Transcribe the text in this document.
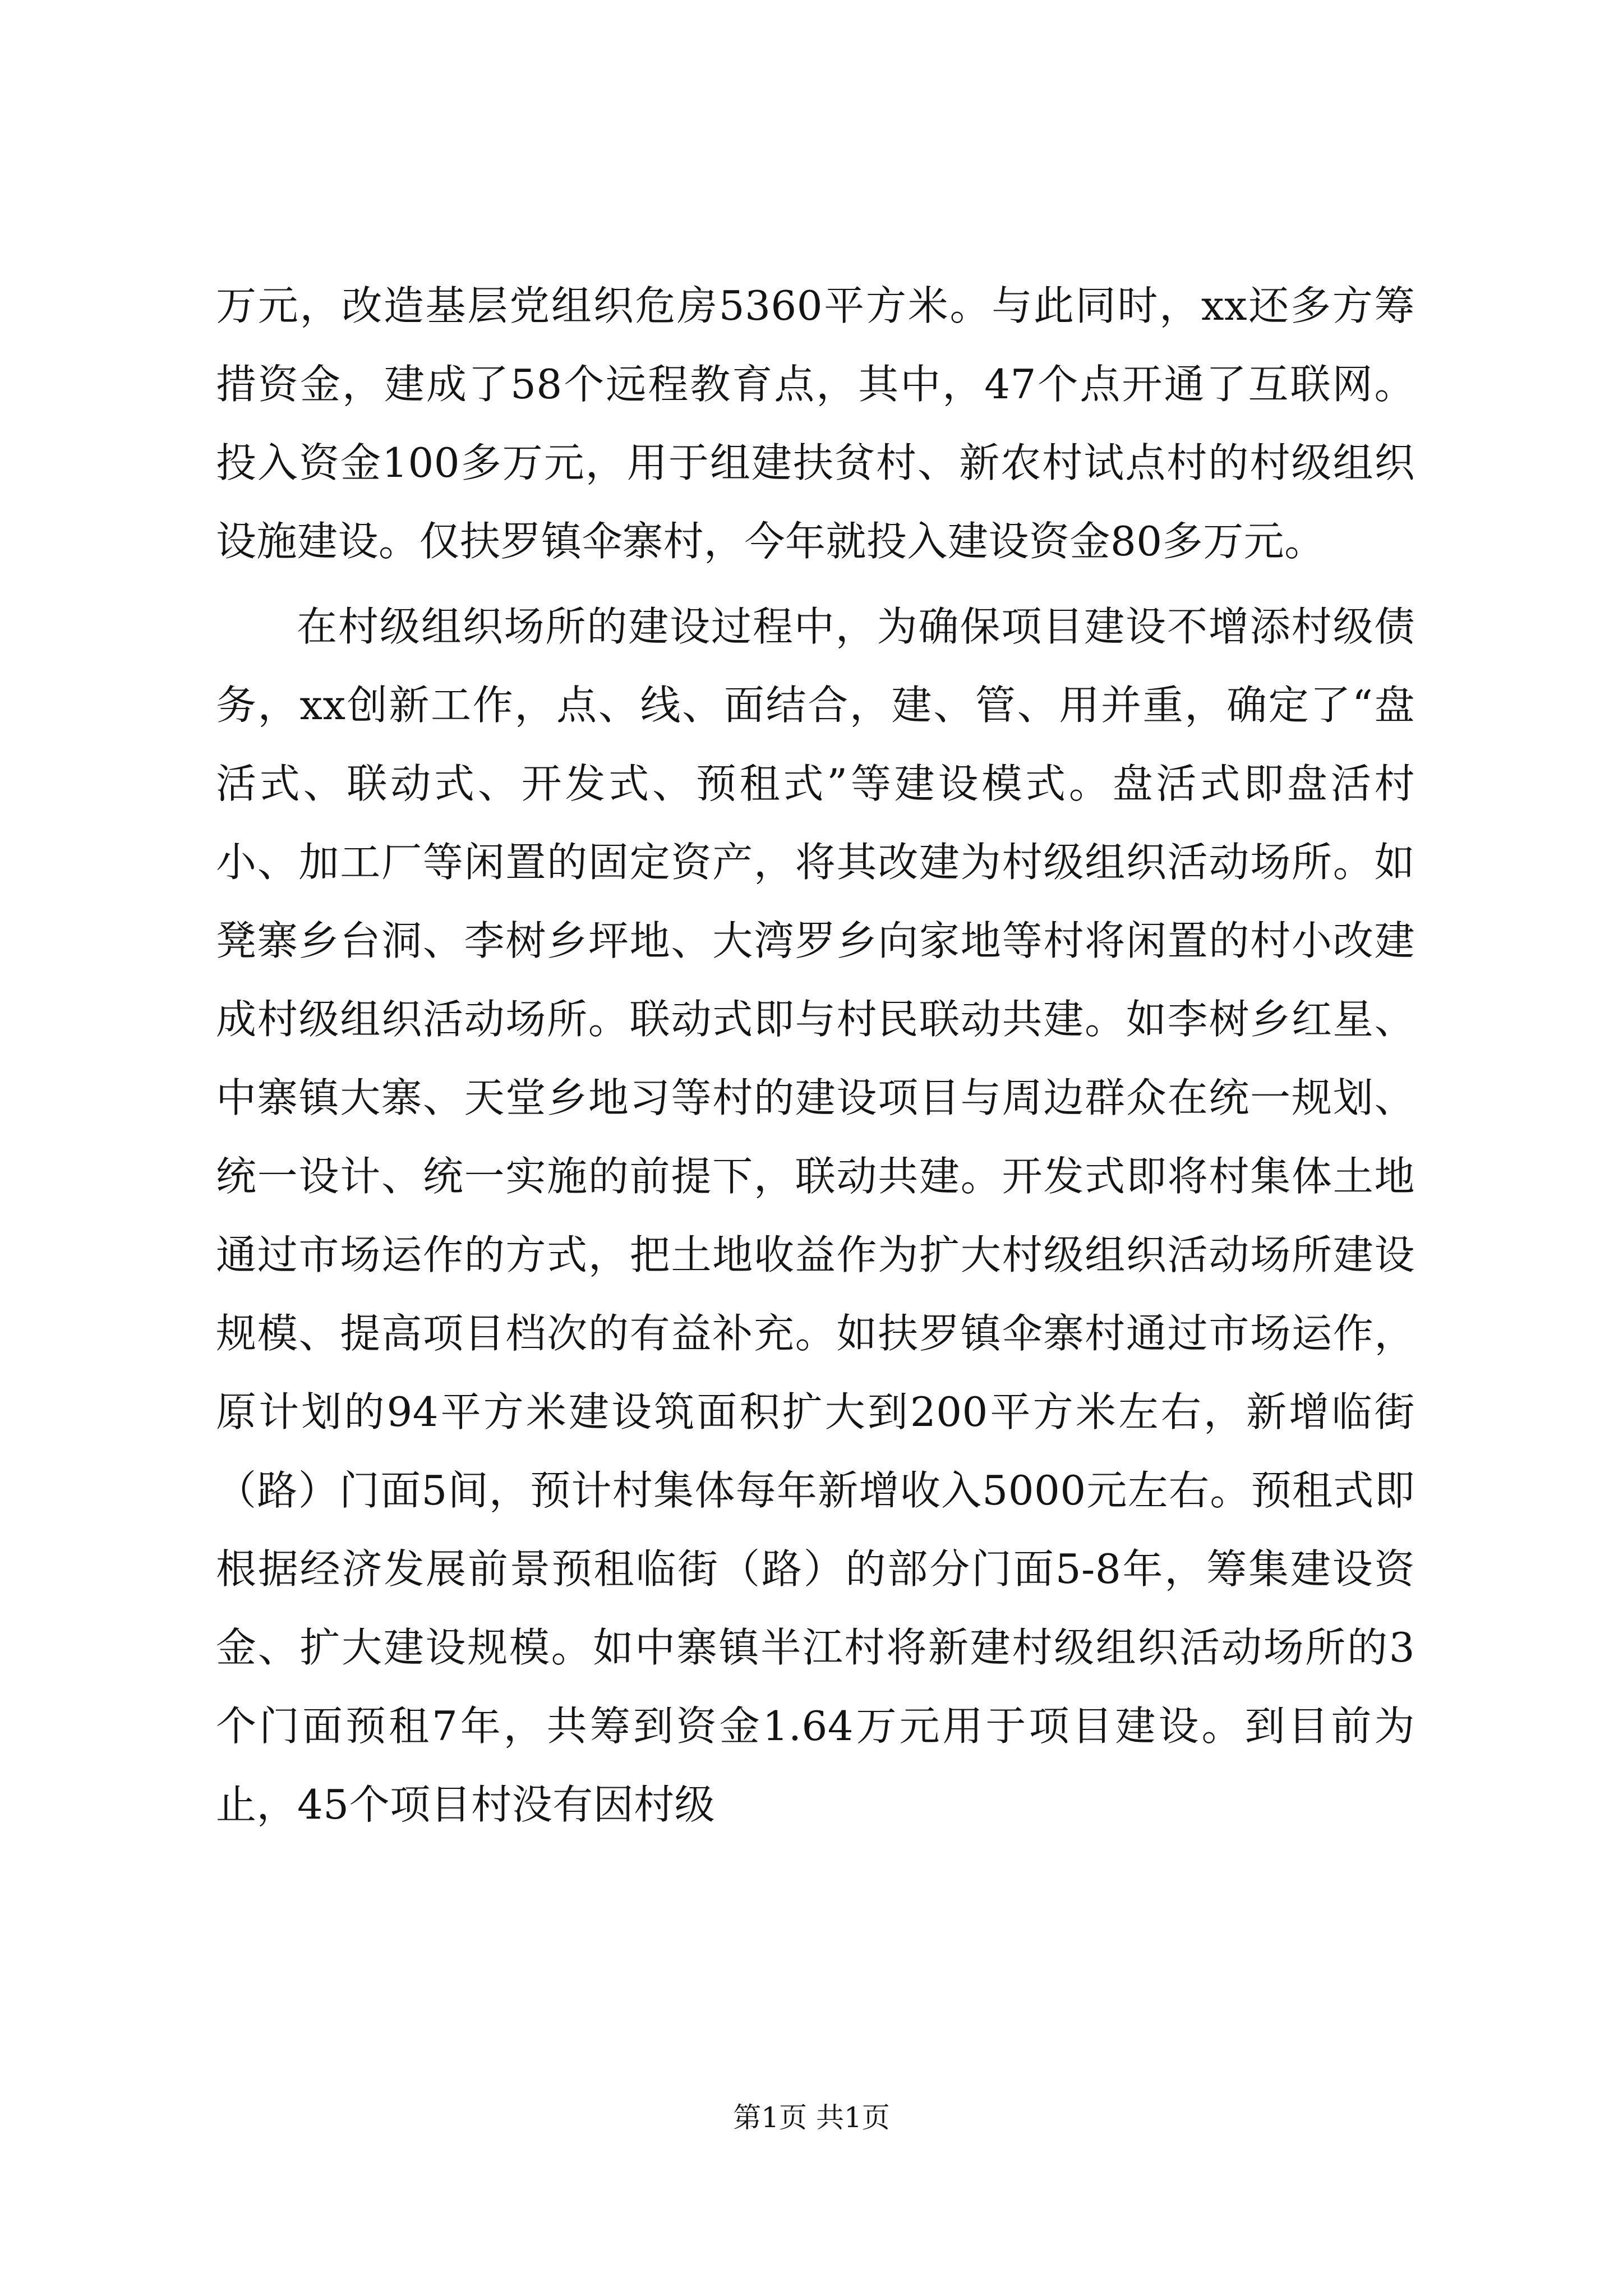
万元，改造基层党组织危房5360平方米。与此同时，xx还多方筹措资金，建成了58个远程教育点，其中，47个点开通了互联网。投入资金100多万元，用于组建扶贫村、新农村试点村的村级组织设施建设。仅扶罗镇伞寨村，今年就投入建设资金80多万元。

在村级组织场所的建设过程中，为确保项目建设不增添村级债务，xx创新工作，点、线、面结合，建、管、用并重，确定了“盘活式、联动式、开发式、预租式”等建设模式。盘活式即盘活村小、加工厂等闲置的固定资产，将其改建为村级组织活动场所。如凳寨乡台洞、李树乡坪地、大湾罗乡向家地等村将闲置的村小改建成村级组织活动场所。联动式即与村民联动共建。如李树乡红星、中寨镇大寨、天堂乡地习等村的建设项目与周边群众在统一规划、统一设计、统一实施的前提下，联动共建。开发式即将村集体土地通过市场运作的方式，把土地收益作为扩大村级组织活动场所建设规模、提高项目档次的有益补充。如扶罗镇伞寨村通过市场运作，原计划的94平方米建设筑面积扩大到200平方米左右，新增临街（路）门面5间，预计村集体每年新增收入5000元左右。预租式即根据经济发展前景预租临街（路）的部分门面5-8年，筹集建设资金、扩大建设规模。如中寨镇半江村将新建村级组织活动场所的3个门面预租7年，共筹到资金1.64万元用于项目建设。到目前为止，45个项目村没有因村级

第1页 共1页
